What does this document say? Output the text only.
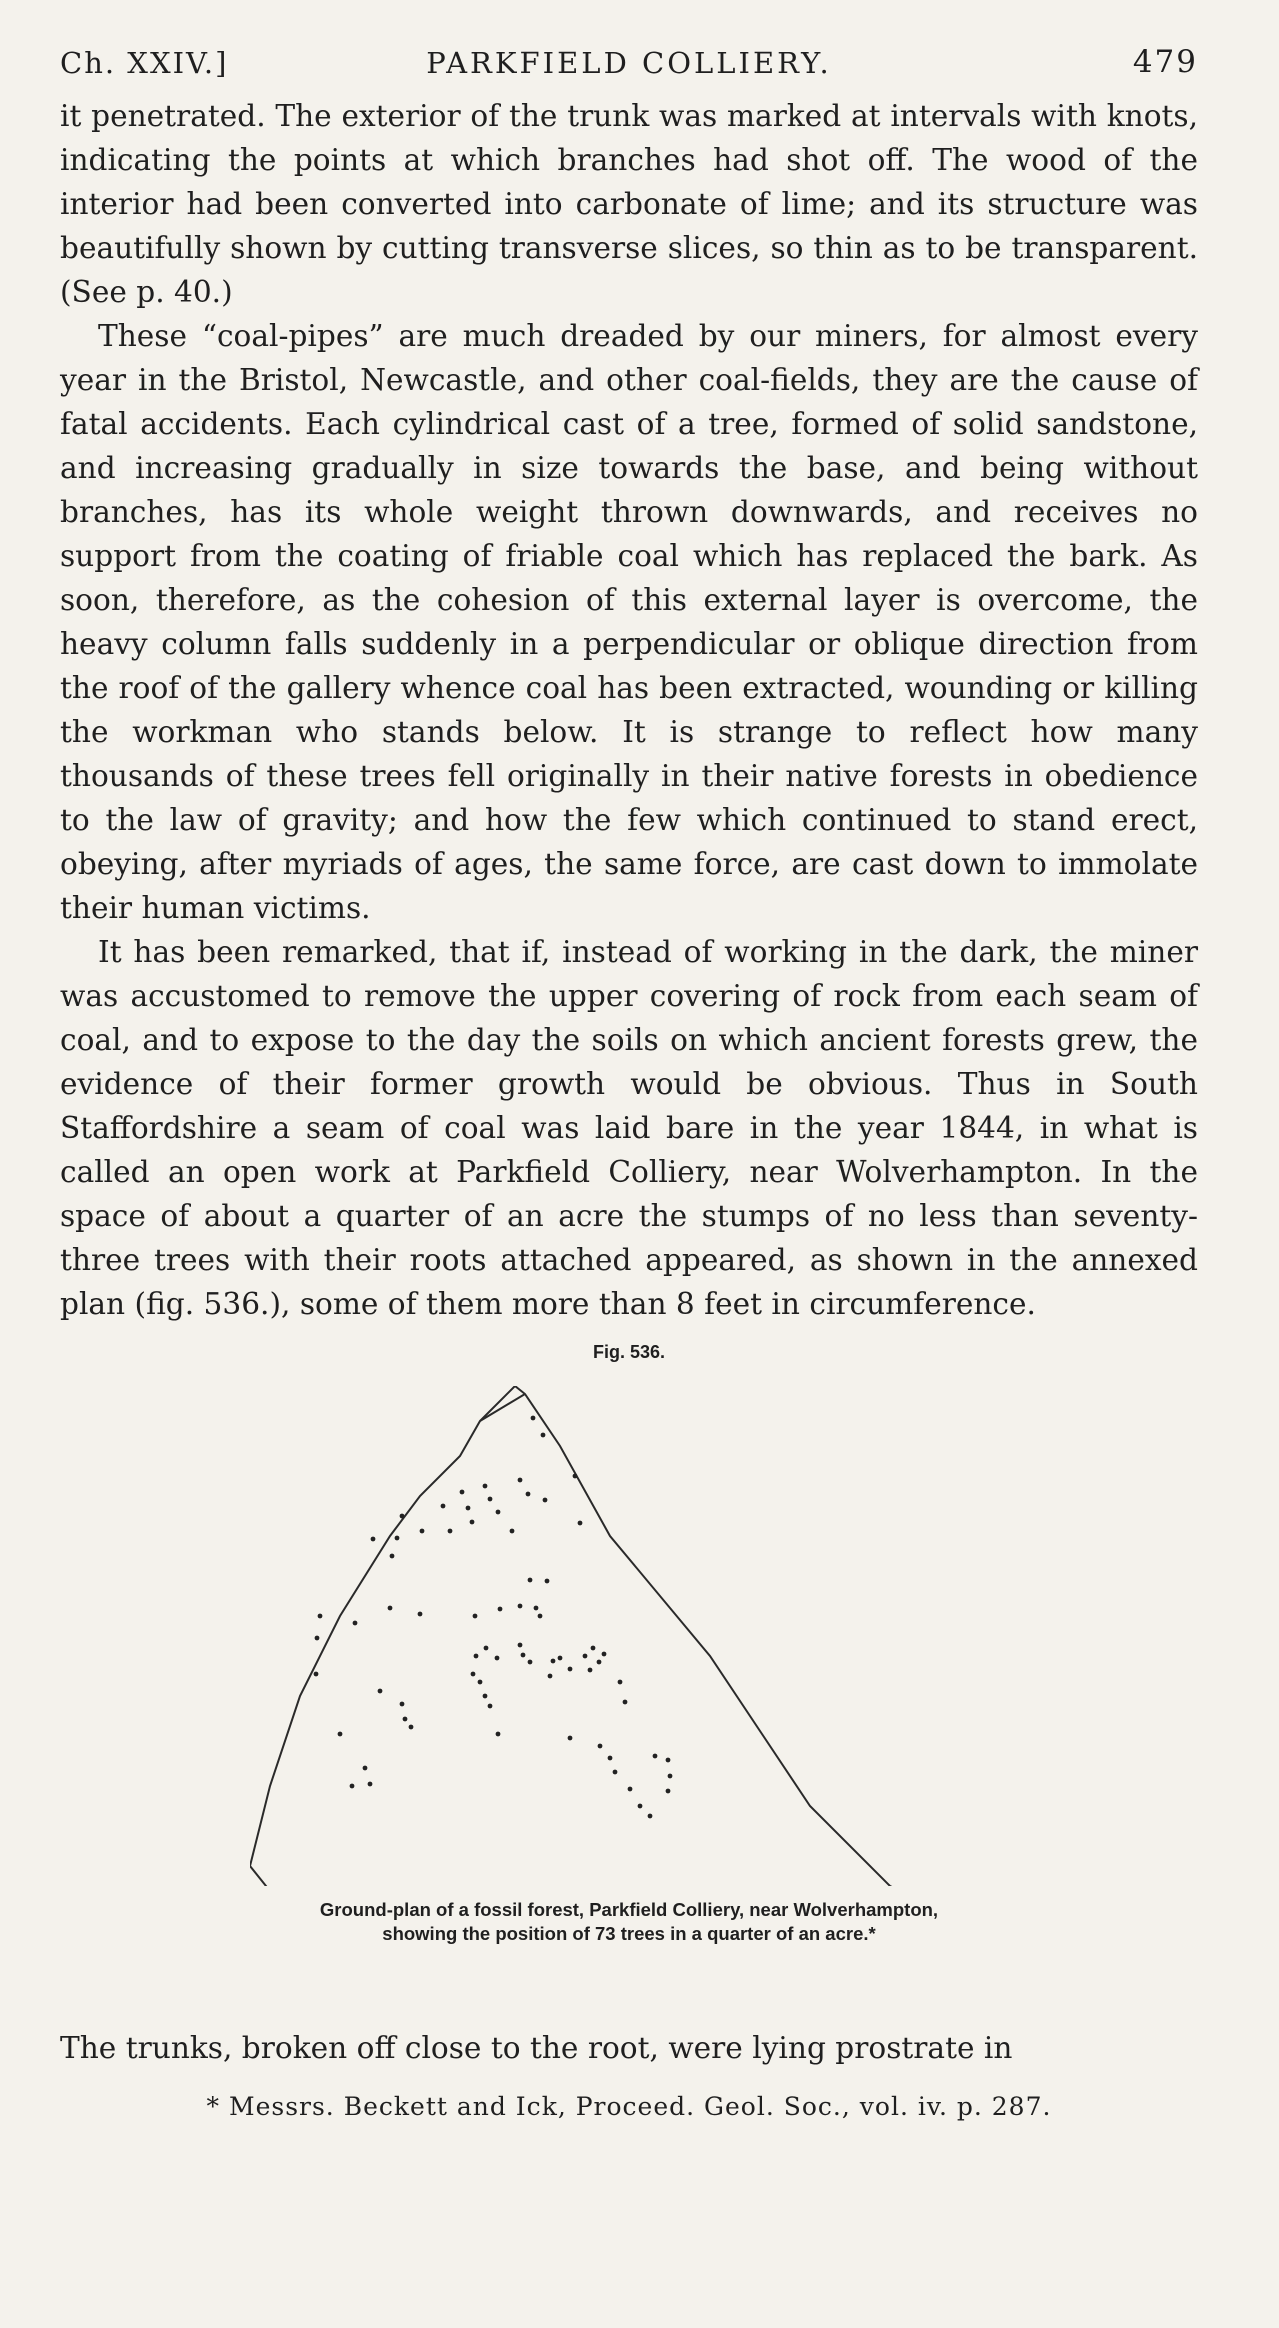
Ch. XXIV.]	PARKFIELD COLLIERY.	479

it penetrated. The exterior of the trunk was marked at intervals with knots, indicating the points at which branches had shot off. The wood of the interior had been converted into carbonate of lime; and its structure was beautifully shown by cutting transverse slices, so thin as to be transparent. (See p. 40.)

These “coal-pipes” are much dreaded by our miners, for almost every year in the Bristol, Newcastle, and other coal-fields, they are the cause of fatal accidents. Each cylindrical cast of a tree, formed of solid sandstone, and increasing gradually in size towards the base, and being without branches, has its whole weight thrown downwards, and receives no support from the coating of friable coal which has replaced the bark. As soon, therefore, as the cohesion of this external layer is overcome, the heavy column falls suddenly in a perpendicular or oblique direction from the roof of the gallery whence coal has been extracted, wounding or killing the workman who stands below. It is strange to reflect how many thousands of these trees fell originally in their native forests in obedience to the law of gravity; and how the few which continued to stand erect, obeying, after myriads of ages, the same force, are cast down to immolate their human victims.

It has been remarked, that if, instead of working in the dark, the miner was accustomed to remove the upper covering of rock from each seam of coal, and to expose to the day the soils on which ancient forests grew, the evidence of their former growth would be obvious. Thus in South Staffordshire a seam of coal was laid bare in the year 1844, in what is called an open work at Parkfield Colliery, near Wolverhampton. In the space of about a quarter of an acre the stumps of no less than seventy-three trees with their roots attached appeared, as shown in the annexed plan (fig. 536.), some of them more than 8 feet in circumference.

Fig. 536.
Ground-plan of a fossil forest, Parkfield Colliery, near Wolverhampton,
showing the position of 73 trees in a quarter of an acre.*
The trunks, broken off close to the root, were lying prostrate in
* Messrs. Beckett and Ick, Proceed. Geol. Soc., vol. iv. p. 287.
